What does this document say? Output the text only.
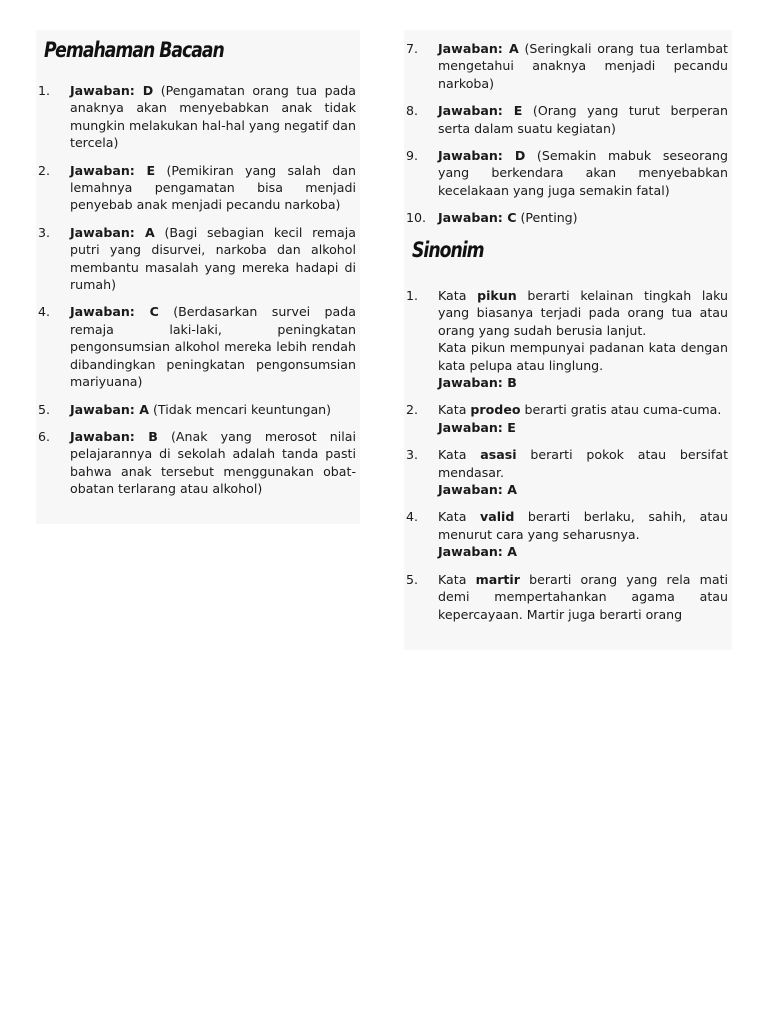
Pemahaman Bacaan
1.	Jawaban: D (Pengamatan orang tua pada anaknya akan menyebabkan anak tidak mungkin melakukan hal-hal yang negatif dan tercela)
2.	Jawaban: E (Pemikiran yang salah dan lemahnya pengamatan bisa menjadi penyebab anak menjadi pecandu narkoba)
3.	Jawaban: A (Bagi sebagian kecil remaja putri yang disurvei, narkoba dan alkohol membantu masalah yang mereka hadapi di rumah)
4.	Jawaban: C (Berdasarkan survei pada remaja laki-laki, peningkatan pengonsumsian alkohol mereka lebih rendah dibandingkan peningkatan pengonsumsian mariyuana)
5.	Jawaban: A (Tidak mencari keuntungan)
6.	Jawaban: B (Anak yang merosot nilai pelajarannya di sekolah adalah tanda pasti bahwa anak tersebut menggunakan obat-obatan terlarang atau alkohol)
7.	Jawaban: A (Seringkali orang tua terlambat mengetahui anaknya menjadi pecandu narkoba)
8.	Jawaban: E (Orang yang turut berperan serta dalam suatu kegiatan)
9.	Jawaban: D (Semakin mabuk seseorang yang berkendara akan menyebabkan kecelakaan yang juga semakin fatal)
10. Jawaban: C (Penting)
Sinonim
1.	Kata pikun berarti kelainan tingkah laku yang biasanya terjadi pada orang tua atau orang yang sudah berusia lanjut.
Kata pikun mempunyai padanan kata dengan kata pelupa atau linglung.
Jawaban: B
2.	Kata prodeo berarti gratis atau cuma-cuma.
Jawaban: E
3.	Kata asasi berarti pokok atau bersifat mendasar.
Jawaban: A
4.	Kata valid berarti berlaku, sahih, atau menurut cara yang seharusnya.
Jawaban: A
5.	Kata martir berarti orang yang rela mati demi mempertahankan agama atau kepercayaan. Martir juga berarti orang
